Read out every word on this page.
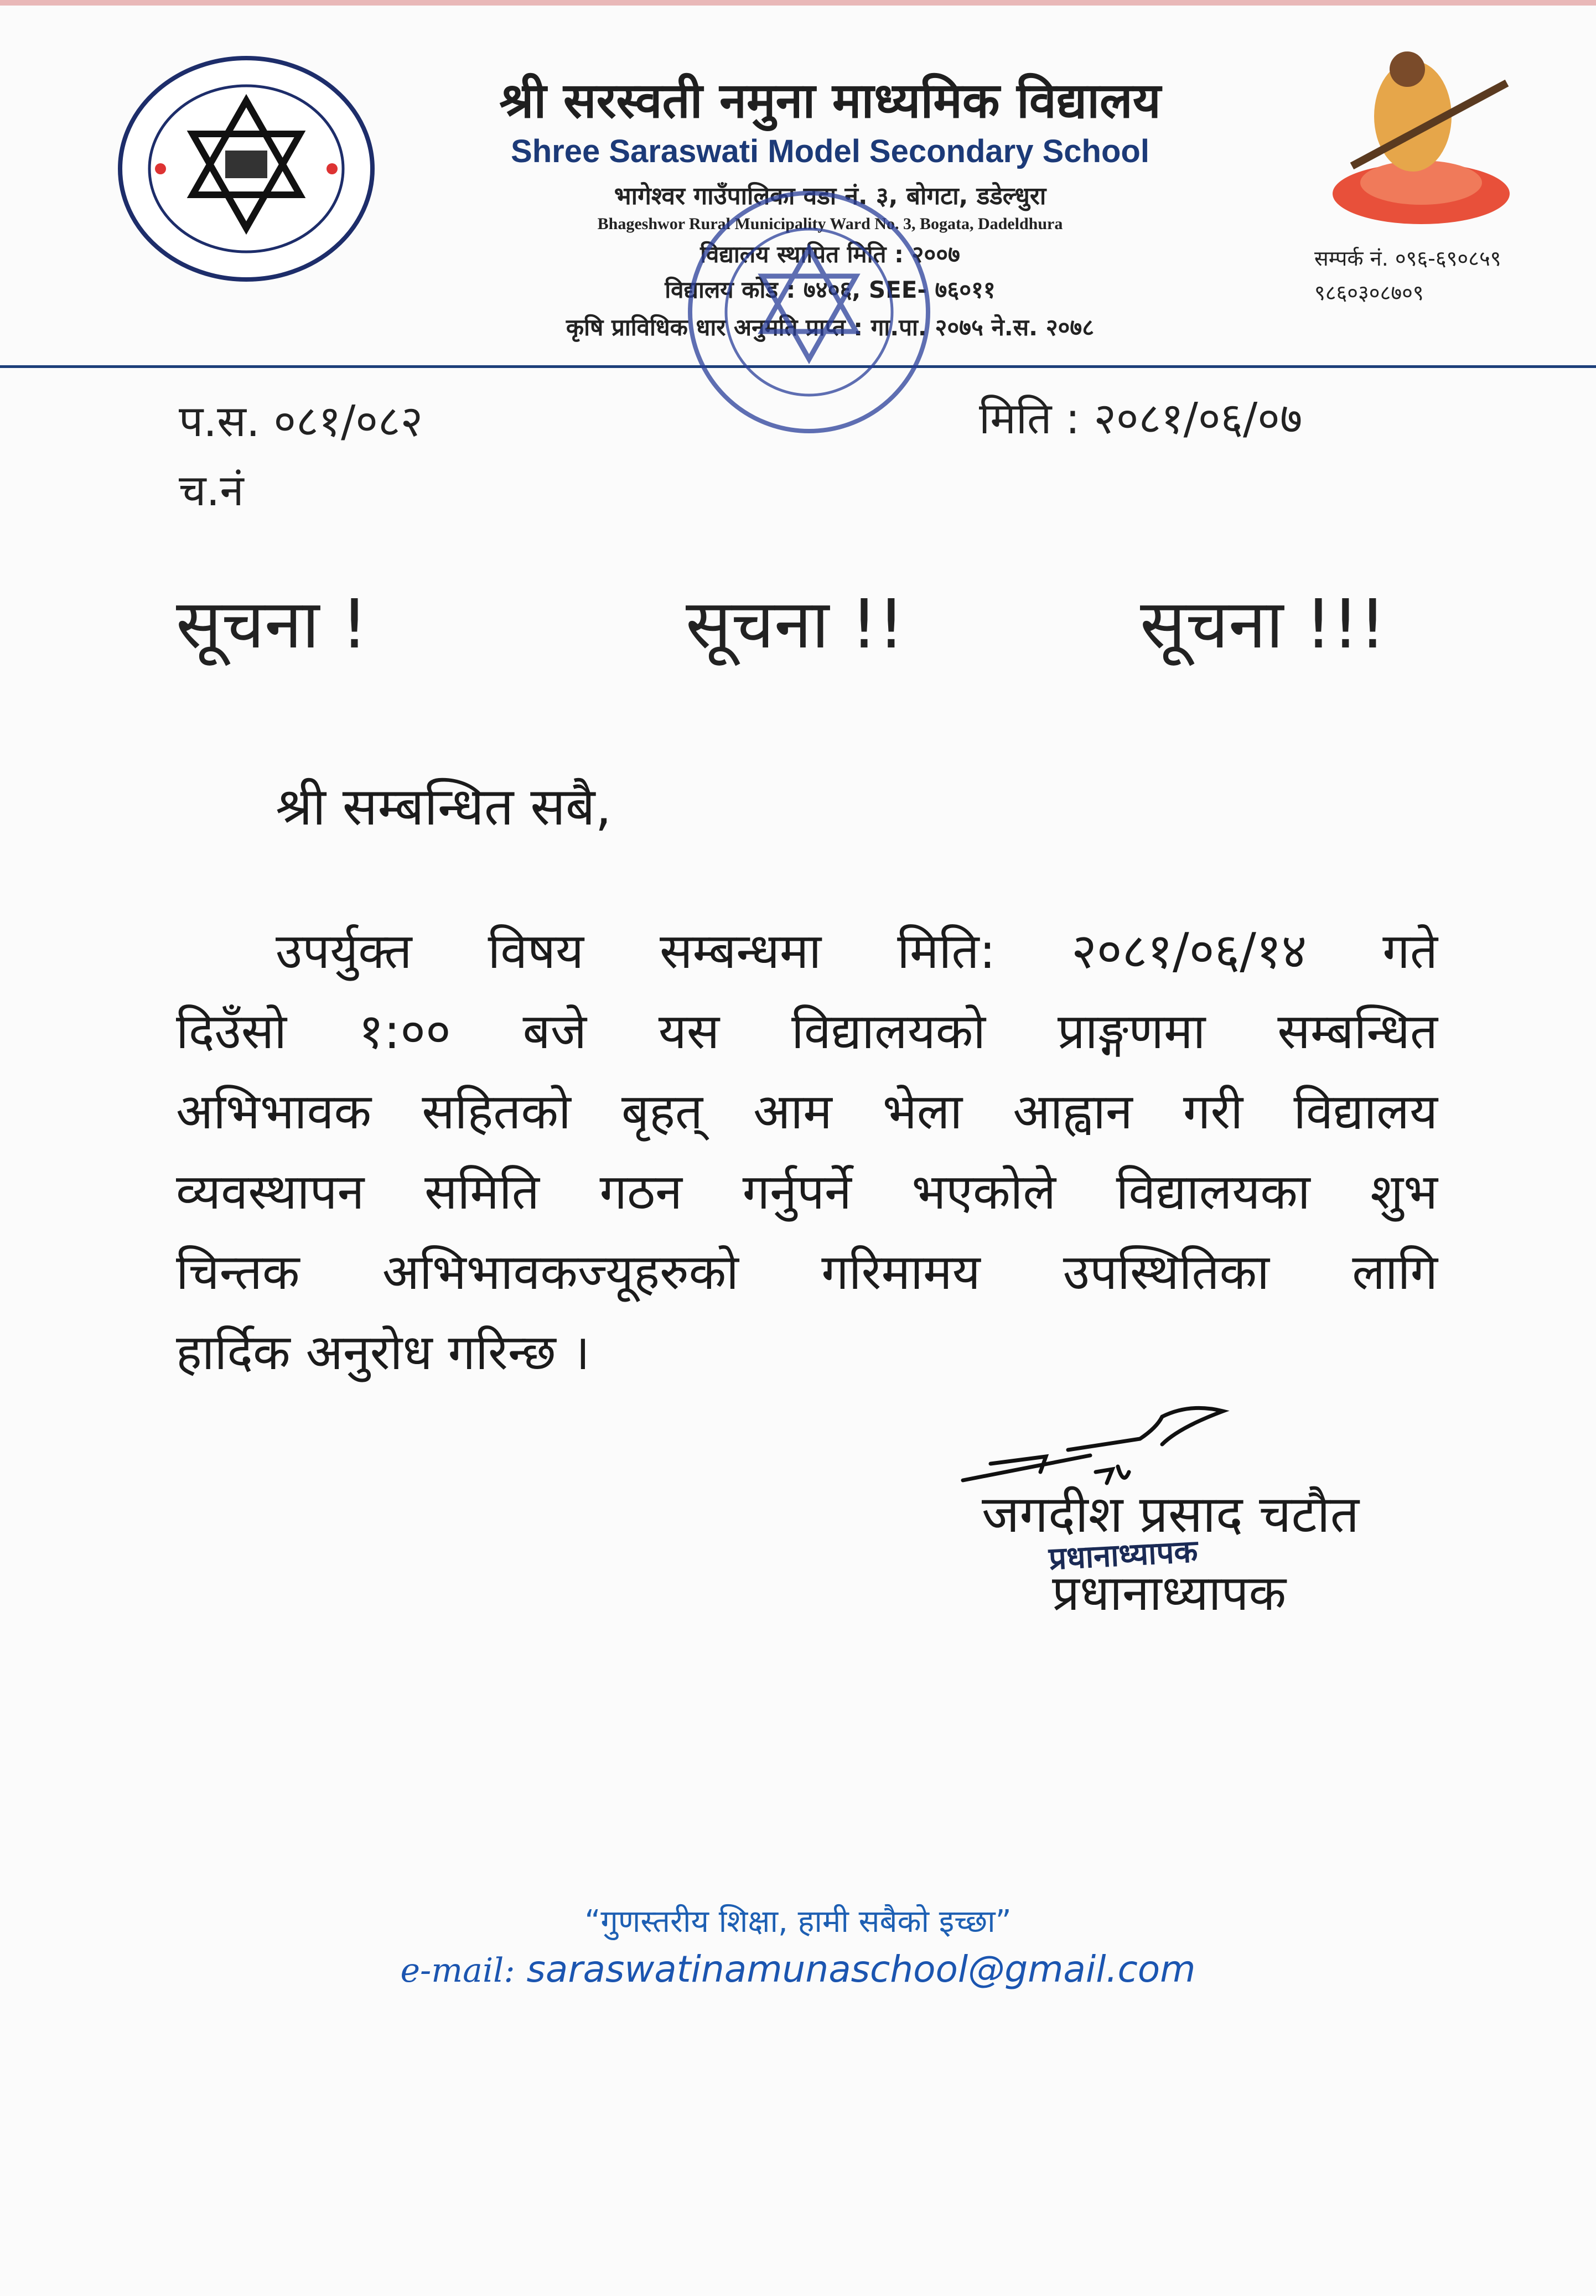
श्री सरस्वती नमुना माध्यमिक विद्यालय
Shree Saraswati Model Secondary School
भागेश्वर गाउँपालिका वडा नं. ३, बोगटा, डडेल्धुरा
Bhageshwor Rural Municipality Ward No. 3, Bogata, Dadeldhura
विद्यालय स्थापित मिति : २००७
विद्यालय कोड : ७४०६, SEE- ७६०११
कृषि प्राविधिक धार अनुमति प्राप्त : गा.पा. २०७५ ने.स. २०७८
सम्पर्क नं. ०९६-६९०८५९
९८६०३०८७०९
प.स. ०८१/०८२
च.नं
मिति : २०८१/०६/०७
सूचना !	सूचना !!	सूचना !!!
श्री सम्बन्धित सबै,
उपर्युक्त विषय सम्बन्धमा मिति: २०८१/०६/१४ गते
दिउँसो १:०० बजे यस विद्यालयको प्राङ्गणमा सम्बन्धित
अभिभावक सहितको बृहत् आम भेला आह्वान गरी विद्यालय
व्यवस्थापन समिति गठन गर्नुपर्ने भएकोले विद्यालयका शुभ
चिन्तक अभिभावकज्यूहरुको गरिमामय उपस्थितिका लागि
हार्दिक अनुरोध गरिन्छ ।
जगदीश प्रसाद चटौत
प्रधानाध्यापक
प्रधानाध्यापक
“गुणस्तरीय शिक्षा, हामी सबैको इच्छा”
e-mail: saraswatinamunaschool@gmail.com
